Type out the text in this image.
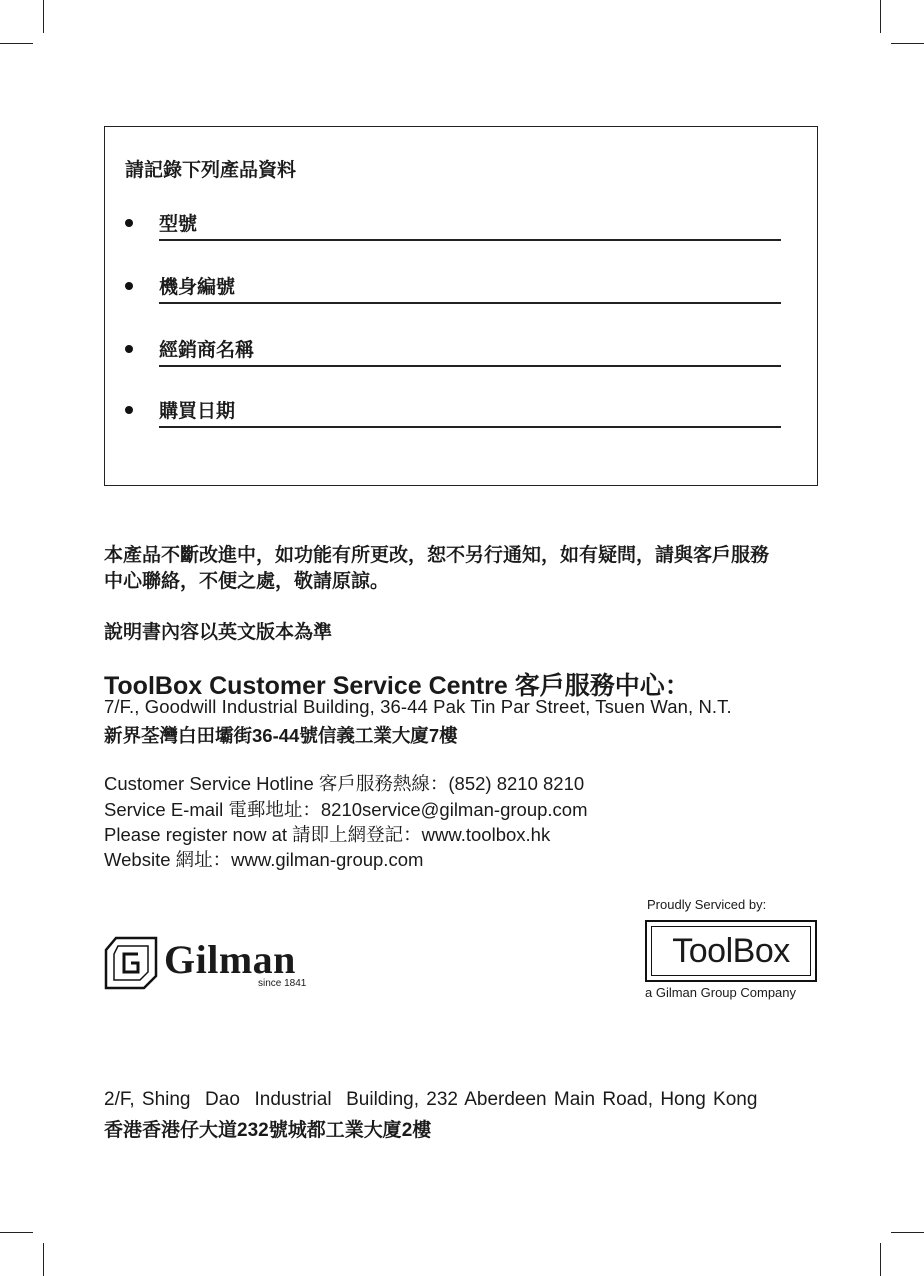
請記錄下列產品資料
型號
機身編號
經銷商名稱
購買日期
本產品不斷改進中，如功能有所更改，恕不另行通知，如有疑問，請與客戶服務
中心聯絡，不便之處，敬請原諒。
說明書內容以英文版本為準
ToolBox Customer Service Centre 客戶服務中心：
7/F., Goodwill Industrial Building, 36-44 Pak Tin Par Street, Tsuen Wan, N.T.
新界荃灣白田壩街36-44號信義工業大廈7樓
Customer Service Hotline 客戶服務熱線：(852) 8210 8210
Service E-mail 電郵地址：8210service@gilman-group.com
Please register now at 請即上網登記：www.toolbox.hk
Website 網址：www.gilman-group.com
Gilman
since 1841
Proudly Serviced by:
ToolBox
a Gilman Group Company
2/F, Shing  Dao  Industrial  Building, 232 Aberdeen Main Road, Hong Kong
香港香港仔大道232號城都工業大廈2樓
